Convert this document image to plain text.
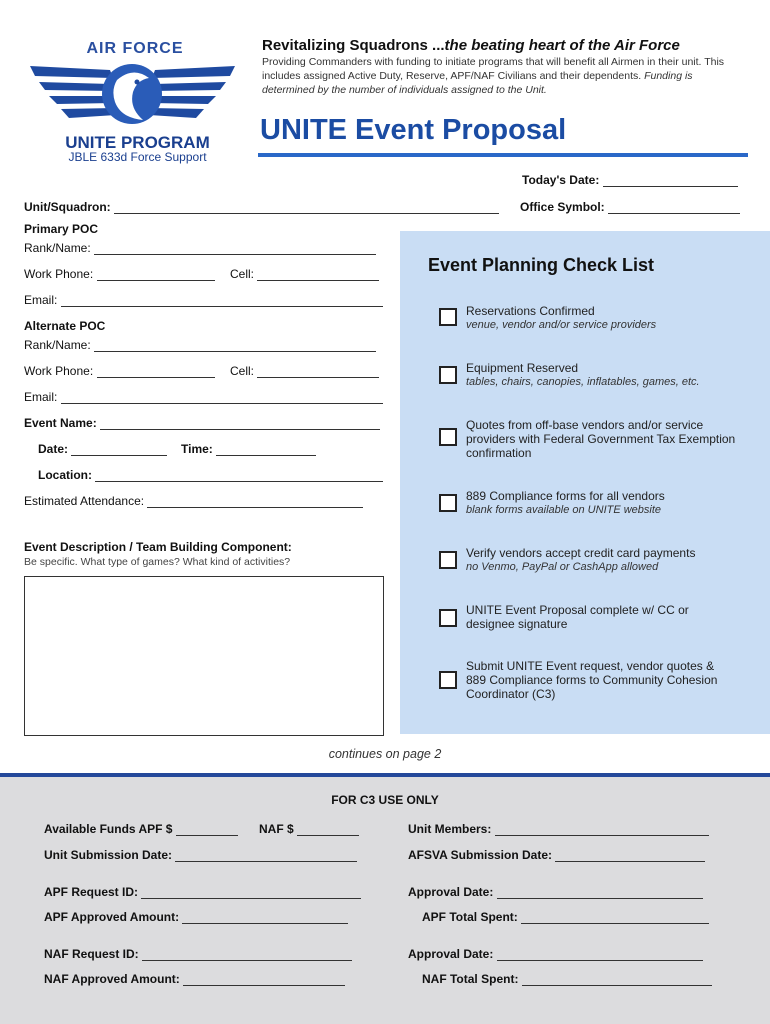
AIR FORCE
UNITE PROGRAM
JBLE 633d Force Support
Revitalizing Squadrons ...the beating heart of the Air Force
Providing Commanders with funding to initiate programs that will benefit all Airmen in their unit. This includes assigned Active Duty, Reserve, APF/NAF Civilians and their dependents. Funding is determined by the number of individuals assigned to the Unit.
UNITE Event Proposal
Today's Date:
Unit/Squadron:	Office Symbol:
Primary POC
Rank/Name:
Work Phone:	Cell:
Email:
Alternate POC
Rank/Name:
Work Phone:	Cell:
Email:
Event Name:
Date:	Time:
Location:
Estimated Attendance:
Event Description / Team Building Component:
Be specific. What type of games? What kind of activities?
Event Planning Check List
Reservations Confirmed
venue, vendor and/or service providers
Equipment Reserved
tables, chairs, canopies, inflatables, games, etc.
Quotes from off-base vendors and/or service providers with Federal Government Tax Exemption confirmation
889 Compliance forms for all vendors
blank forms available on UNITE website
Verify vendors accept credit card payments
no Venmo, PayPal or CashApp allowed
UNITE Event Proposal complete w/ CC or designee signature
Submit UNITE Event request, vendor quotes & 889 Compliance forms to Community Cohesion Coordinator (C3)
continues on page 2
FOR C3 USE ONLY
Available Funds APF $	NAF $	Unit Members:
Unit Submission Date:	AFSVA Submission Date:
APF Request ID:	Approval Date:
APF Approved Amount:	APF Total Spent:
NAF Request ID:	Approval Date:
NAF Approved Amount:	NAF Total Spent:
